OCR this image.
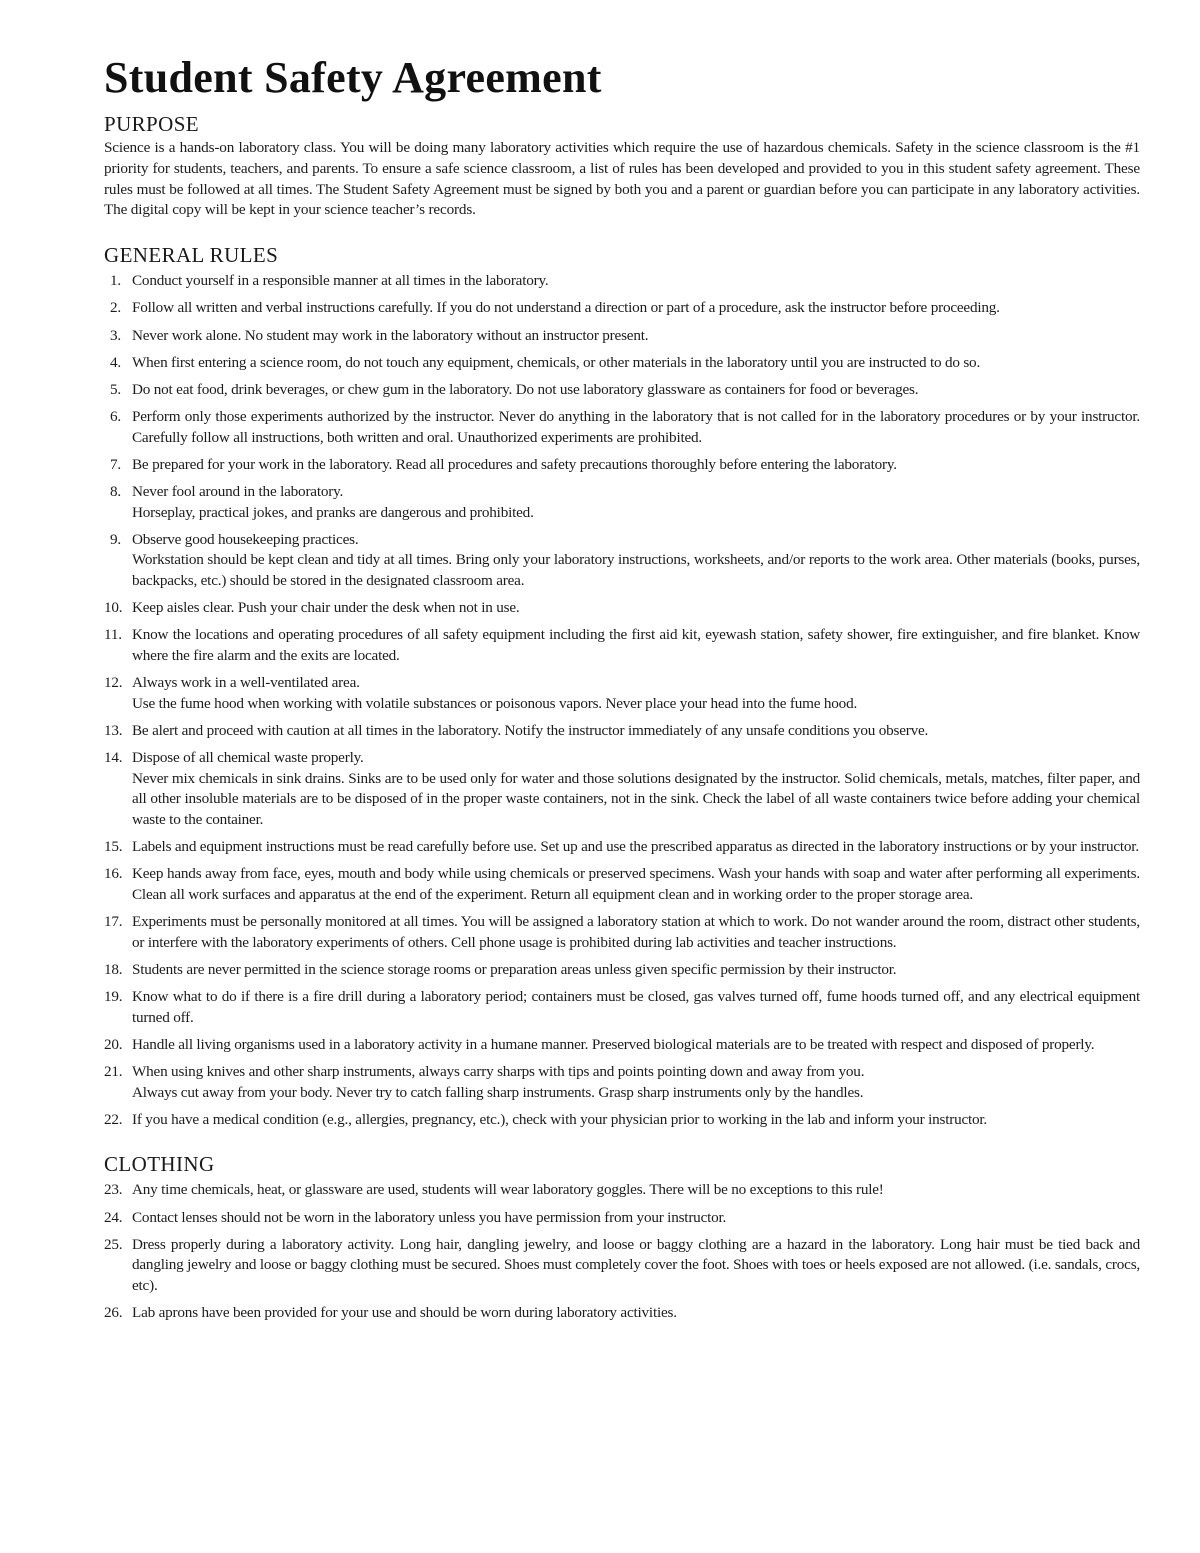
Student Safety Agreement
PURPOSE

Science is a hands-on laboratory class. You will be doing many laboratory activities which require the use of hazardous chemicals. Safety in the science classroom is the #1 priority for students, teachers, and parents. To ensure a safe science classroom, a list of rules has been developed and provided to you in this student safety agreement. These rules must be followed at all times. The Student Safety Agreement must be signed by both you and a parent or guardian before you can participate in any laboratory activities. The digital copy will be kept in your science teacher’s records.

GENERAL RULES
1. Conduct yourself in a responsible manner at all times in the laboratory.
2. Follow all written and verbal instructions carefully. If you do not understand a direction or part of a procedure, ask the instructor before proceeding.
3. Never work alone. No student may work in the laboratory without an instructor present.
4. When first entering a science room, do not touch any equipment, chemicals, or other materials in the laboratory until you are instructed to do so.
5. Do not eat food, drink beverages, or chew gum in the laboratory. Do not use laboratory glassware as containers for food or beverages.
6. Perform only those experiments authorized by the instructor. Never do anything in the laboratory that is not called for in the laboratory procedures or by your instructor. Carefully follow all instructions, both written and oral. Unauthorized experiments are prohibited.
7. Be prepared for your work in the laboratory. Read all procedures and safety precautions thoroughly before entering the laboratory.
8. Never fool around in the laboratory.
Horseplay, practical jokes, and pranks are dangerous and prohibited.
9. Observe good housekeeping practices.
Workstation should be kept clean and tidy at all times. Bring only your laboratory instructions, worksheets, and/or reports to the work area. Other materials (books, purses, backpacks, etc.) should be stored in the designated classroom area.
10. Keep aisles clear. Push your chair under the desk when not in use.
11. Know the locations and operating procedures of all safety equipment including the first aid kit, eyewash station, safety shower, fire extinguisher, and fire blanket. Know where the fire alarm and the exits are located.
12. Always work in a well-ventilated area.
Use the fume hood when working with volatile substances or poisonous vapors. Never place your head into the fume hood.
13. Be alert and proceed with caution at all times in the laboratory. Notify the instructor immediately of any unsafe conditions you observe.
14. Dispose of all chemical waste properly.
Never mix chemicals in sink drains. Sinks are to be used only for water and those solutions designated by the instructor. Solid chemicals, metals, matches, filter paper, and all other insoluble materials are to be disposed of in the proper waste containers, not in the sink. Check the label of all waste containers twice before adding your chemical waste to the container.
15. Labels and equipment instructions must be read carefully before use. Set up and use the prescribed apparatus as directed in the laboratory instructions or by your instructor.
16. Keep hands away from face, eyes, mouth and body while using chemicals or preserved specimens. Wash your hands with soap and water after performing all experiments. Clean all work surfaces and apparatus at the end of the experiment. Return all equipment clean and in working order to the proper storage area.
17. Experiments must be personally monitored at all times. You will be assigned a laboratory station at which to work. Do not wander around the room, distract other students, or interfere with the laboratory experiments of others. Cell phone usage is prohibited during lab activities and teacher instructions.
18. Students are never permitted in the science storage rooms or preparation areas unless given specific permission by their instructor.
19. Know what to do if there is a fire drill during a laboratory period; containers must be closed, gas valves turned off, fume hoods turned off, and any electrical equipment turned off.
20. Handle all living organisms used in a laboratory activity in a humane manner. Preserved biological materials are to be treated with respect and disposed of properly.
21. When using knives and other sharp instruments, always carry sharps with tips and points pointing down and away from you.
Always cut away from your body. Never try to catch falling sharp instruments. Grasp sharp instruments only by the handles.
22. If you have a medical condition (e.g., allergies, pregnancy, etc.), check with your physician prior to working in the lab and inform your instructor.
CLOTHING
23. Any time chemicals, heat, or glassware are used, students will wear laboratory goggles. There will be no exceptions to this rule!
24. Contact lenses should not be worn in the laboratory unless you have permission from your instructor.
25. Dress properly during a laboratory activity. Long hair, dangling jewelry, and loose or baggy clothing are a hazard in the laboratory. Long hair must be tied back and dangling jewelry and loose or baggy clothing must be secured. Shoes must completely cover the foot. Shoes with toes or heels exposed are not allowed. (i.e. sandals, crocs, etc).
26. Lab aprons have been provided for your use and should be worn during laboratory activities.
